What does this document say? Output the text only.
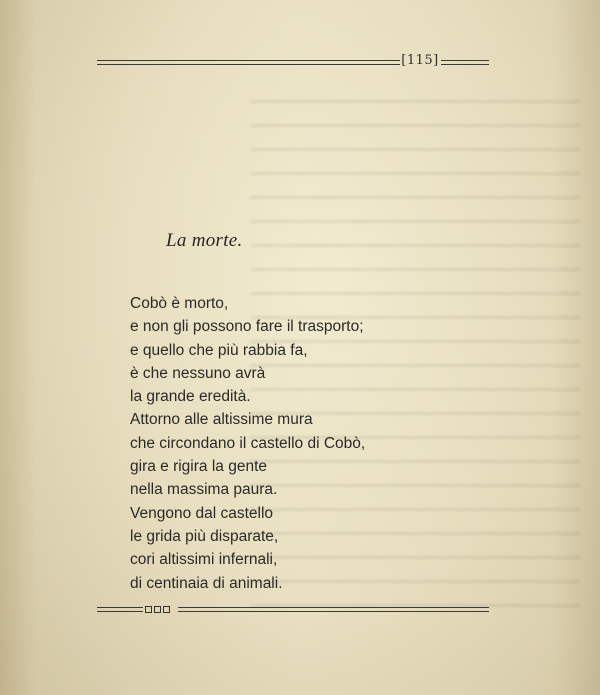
[115]
La morte.
Cobò è morto,
e non gli possono fare il trasporto;
e quello che più rabbia fa,
è che nessuno avrà
la grande eredità.
Attorno alle altissime mura
che circondano il castello di Cobò,
gira e rigira la gente
nella massima paura.
Vengono dal castello
le grida più disparate,
cori altissimi infernali,
di centinaia di animali.
